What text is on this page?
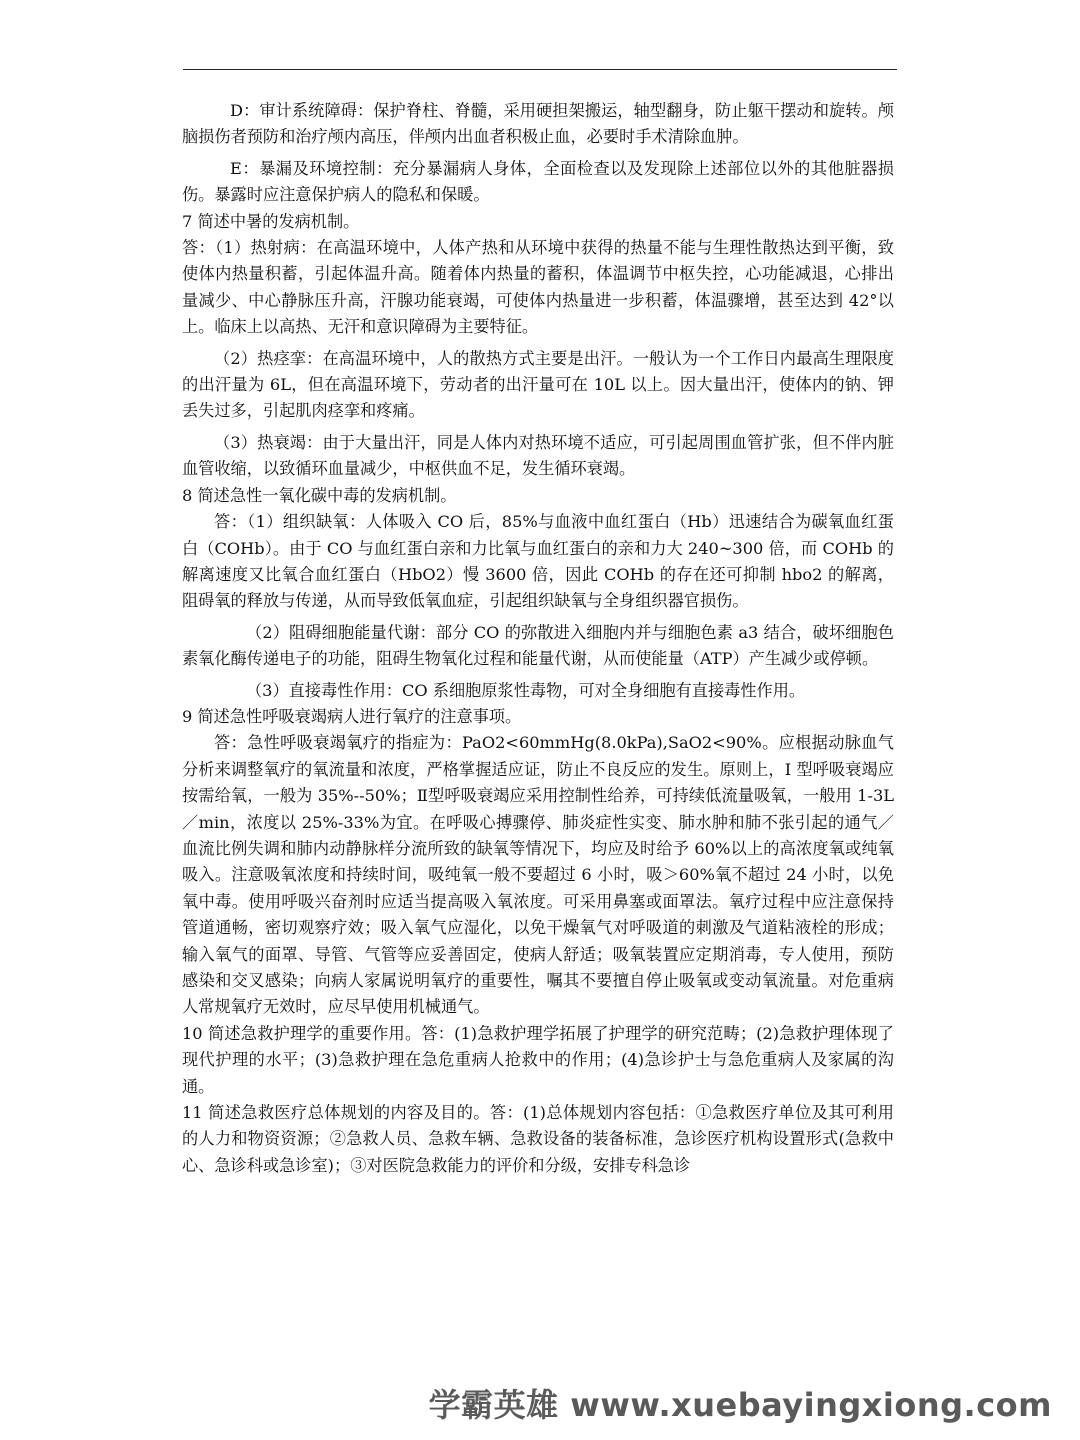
D：审计系统障碍：保护脊柱、脊髓，采用硬担架搬运，轴型翻身，防止躯干摆动和旋转。颅脑损伤者预防和治疗颅内高压，伴颅内出血者积极止血，必要时手术清除血肿。

E：暴漏及环境控制：充分暴漏病人身体，全面检查以及发现除上述部位以外的其他脏器损伤。暴露时应注意保护病人的隐私和保暖。

7 简述中暑的发病机制。

答：（1）热射病：在高温环境中，人体产热和从环境中获得的热量不能与生理性散热达到平衡，致使体内热量积蓄，引起体温升高。随着体内热量的蓄积，体温调节中枢失控，心功能减退，心排出量减少、中心静脉压升高，汗腺功能衰竭，可使体内热量进一步积蓄，体温骤增，甚至达到 42°以上。临床上以高热、无汗和意识障碍为主要特征。

（2）热痉挛：在高温环境中，人的散热方式主要是出汗。一般认为一个工作日内最高生理限度的出汗量为 6L，但在高温环境下，劳动者的出汗量可在 10L 以上。因大量出汗，使体内的钠、钾丢失过多，引起肌肉痉挛和疼痛。

（3）热衰竭：由于大量出汗，同是人体内对热环境不适应，可引起周围血管扩张，但不伴内脏血管收缩，以致循环血量减少，中枢供血不足，发生循环衰竭。

8 简述急性一氧化碳中毒的发病机制。

答：（1）组织缺氧：人体吸入 CO 后，85%与血液中血红蛋白（Hb）迅速结合为碳氧血红蛋白（COHb）。由于 CO 与血红蛋白亲和力比氧与血红蛋白的亲和力大 240~300 倍，而 COHb 的解离速度又比氧合血红蛋白（HbO2）慢 3600 倍，因此 COHb 的存在还可抑制 hbo2 的解离，阻碍氧的释放与传递，从而导致低氧血症，引起组织缺氧与全身组织器官损伤。

（2）阻碍细胞能量代谢：部分 CO 的弥散进入细胞内并与细胞色素 a3 结合，破坏细胞色素氧化酶传递电子的功能，阻碍生物氧化过程和能量代谢，从而使能量（ATP）产生减少或停顿。

（3）直接毒性作用：CO 系细胞原浆性毒物，可对全身细胞有直接毒性作用。

9 简述急性呼吸衰竭病人进行氧疗的注意事项。

答：急性呼吸衰竭氧疗的指症为：PaO2<60mmHg(8.0kPa),SaO2<90%。应根据动脉血气分析来调整氧疗的氧流量和浓度，严格掌握适应证，防止不良反应的发生。原则上，I 型呼吸衰竭应按需给氧，一般为 35%--50%；Ⅱ型呼吸衰竭应采用控制性给养，可持续低流量吸氧，一般用 1-3L／min，浓度以 25%-33%为宜。在呼吸心搏骤停、肺炎症性实变、肺水肿和肺不张引起的通气／血流比例失调和肺内动静脉样分流所致的缺氧等情况下，均应及时给予 60%以上的高浓度氧或纯氧吸入。注意吸氧浓度和持续时间，吸纯氧一般不要超过 6 小时，吸＞60%氧不超过 24 小时，以免氧中毒。使用呼吸兴奋剂时应适当提高吸入氧浓度。可采用鼻塞或面罩法。氧疗过程中应注意保持管道通畅，密切观察疗效；吸入氧气应湿化，以免干燥氧气对呼吸道的刺激及气道粘液栓的形成；输入氧气的面罩、导管、气管等应妥善固定，使病人舒适；吸氧装置应定期消毒，专人使用，预防感染和交叉感染；向病人家属说明氧疗的重要性，嘱其不要擅自停止吸氧或变动氧流量。对危重病人常规氧疗无效时，应尽早使用机械通气。

10 简述急救护理学的重要作用。答：(1)急救护理学拓展了护理学的研究范畴；(2)急救护理体现了现代护理的水平；(3)急救护理在急危重病人抢救中的作用；(4)急诊护士与急危重病人及家属的沟通。

11 简述急救医疗总体规划的内容及目的。答：(1)总体规划内容包括：①急救医疗单位及其可利用的人力和物资资源；②急救人员、急救车辆、急救设备的装备标准，急诊医疗机构设置形式(急救中心、急诊科或急诊室)；③对医院急救能力的评价和分级，安排专科急诊

学霸英雄 www.xuebayingxiong.com
